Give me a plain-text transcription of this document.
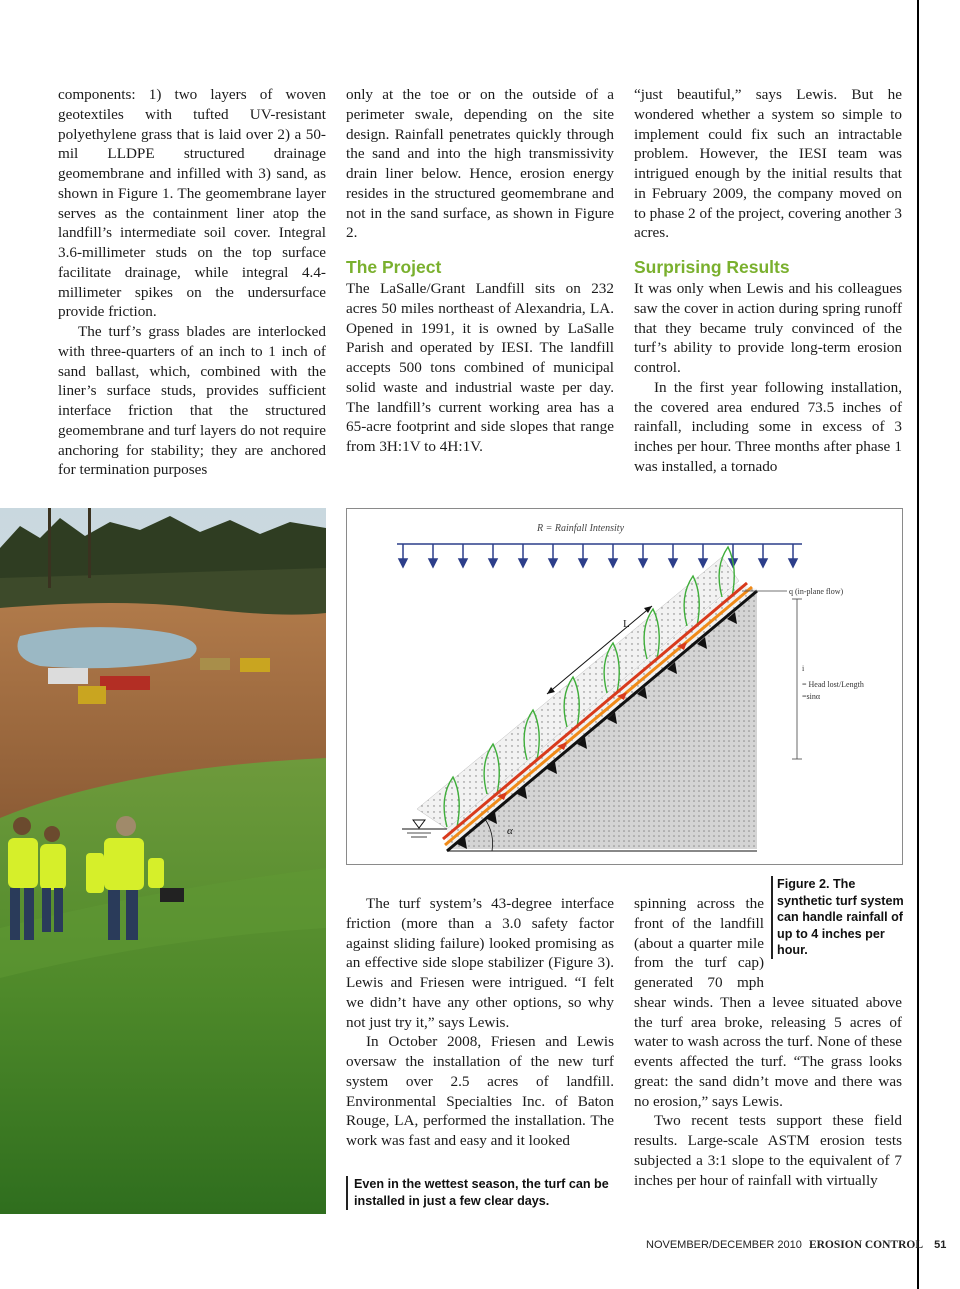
components: 1) two layers of woven geotextiles with tufted UV-resistant polyethylene grass that is laid over 2) a 50-mil LLDPE structured drainage geomembrane and infilled with 3) sand, as shown in Figure 1. The geomembrane layer serves as the containment liner atop the landfill’s intermediate soil cover. Integral 3.6-millimeter studs on the top surface facilitate drainage, while integral 4.4-millimeter spikes on the undersurface provide friction.

The turf’s grass blades are interlocked with three-quarters of an inch to 1 inch of sand ballast, which, combined with the liner’s surface studs, provides sufficient interface friction that the structured geomembrane and turf layers do not require anchoring for stability; they are anchored for termination purposes

only at the toe or on the outside of a perimeter swale, depending on the site design. Rainfall penetrates quickly through the sand and into the high transmissivity drain liner below. Hence, erosion energy resides in the structured geomembrane and not in the sand surface, as shown in Figure 2.

The Project

The LaSalle/Grant Landfill sits on 232 acres 50 miles northeast of Alexandria, LA. Opened in 1991, it is owned by LaSalle Parish and operated by IESI. The landfill accepts 500 tons combined of municipal solid waste and industrial waste per day. The landfill’s current working area has a 65-acre footprint and side slopes that range from 3H:1V to 4H:1V.

“just beautiful,” says Lewis. But he wondered whether a system so simple to implement could fix such an intractable problem. However, the IESI team was intrigued enough by the initial results that in February 2009, the company moved on to phase 2 of the project, covering another 3 acres.

Surprising Results

It was only when Lewis and his colleagues saw the cover in action during spring runoff that they became truly convinced of the turf’s ability to provide long-term erosion control.

In the first year following installation, the covered area endured 73.5 inches of rainfall, including some in excess of 3 inches per hour. Three months after phase 1 was installed, a tornado

R = Rainfall Intensity
L
q (in-plane flow)
i
= Head lost/Length
=sinα
α
Figure 2. The synthetic turf system can handle rainfall of up to 4 inches per hour.

The turf system’s 43-degree interface friction (more than a 3.0 safety factor against sliding failure) looked promising as an effective side slope stabilizer (Figure 3). Lewis and Friesen were intrigued. “I felt we didn’t have any other options, so why not just try it,” says Lewis.

In October 2008, Friesen and Lewis oversaw the installation of the new turf system over 2.5 acres of landfill. Environmental Specialties Inc. of Baton Rouge, LA, performed the installation. The work was fast and easy and it looked

Even in the wettest season, the turf can be installed in just a few clear days.

spinning across the front of the landfill (about a quarter mile from the turf cap) generated 70 mph shear winds. Then a levee situated above the turf area broke, releasing 5 acres of water to wash across the turf. None of these events affected the turf. “The grass looks great: the sand didn’t move and there was no erosion,” says Lewis.

Two recent tests support these field results. Large-scale ASTM erosion tests subjected a 3:1 slope to the equivalent of 7 inches per hour of rainfall with virtually

NOVEMBER/DECEMBER 2010 EROSION CONTROL 51
